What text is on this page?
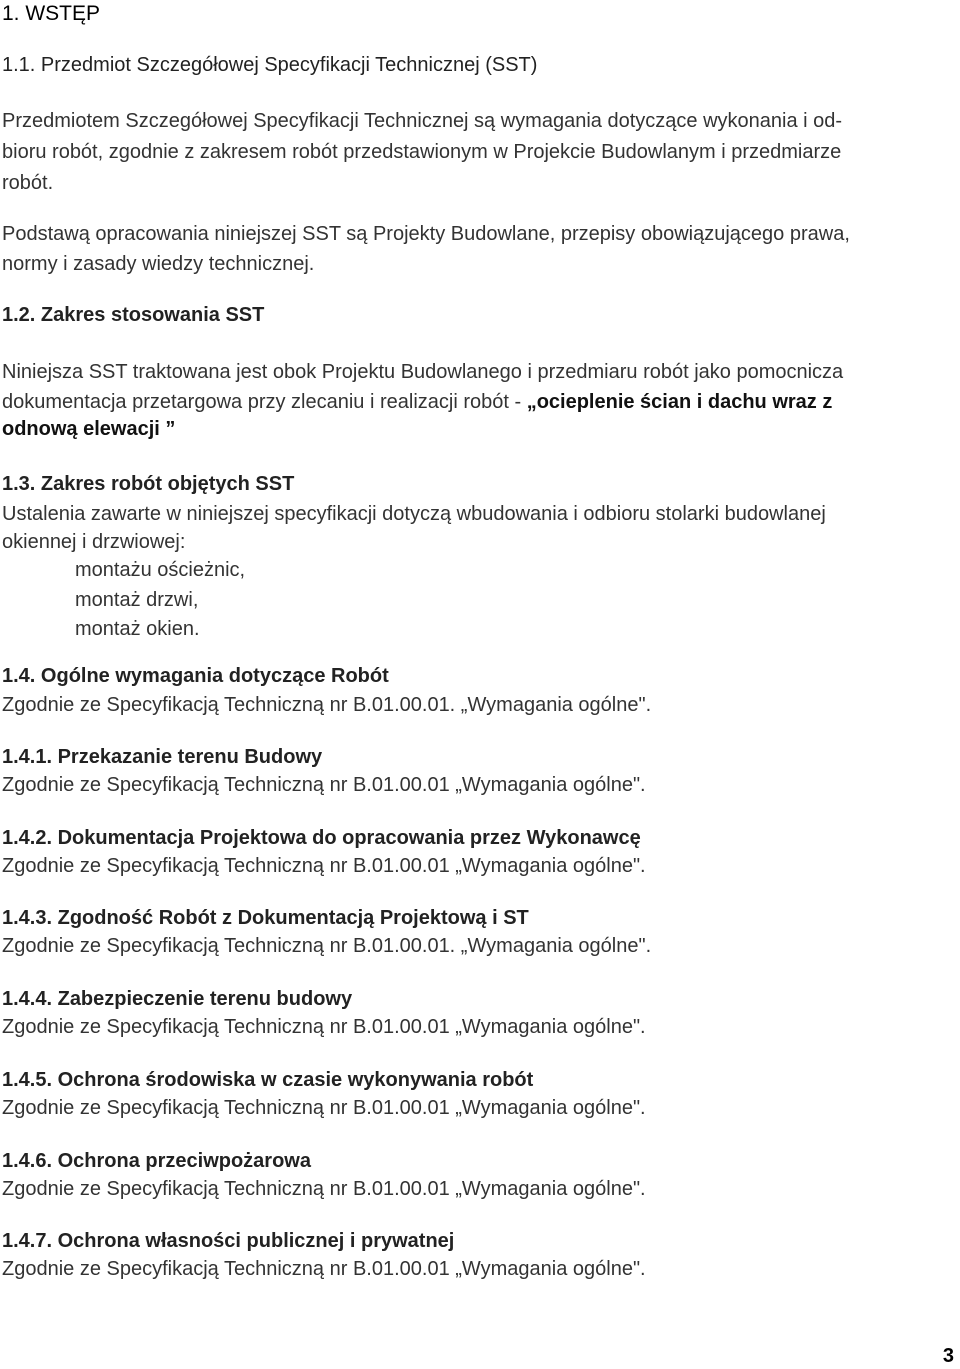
1. WSTĘP
1.1. Przedmiot Szczegółowej Specyfikacji Technicznej (SST)
Przedmiotem Szczegółowej Specyfikacji Technicznej są wymagania dotyczące wykonania i od-
bioru robót, zgodnie z zakresem robót przedstawionym w Projekcie Budowlanym i przedmiarze
robót.
Podstawą opracowania niniejszej SST są Projekty Budowlane, przepisy obowiązującego prawa,
normy i zasady wiedzy technicznej.
1.2. Zakres stosowania SST
Niniejsza SST traktowana jest obok Projektu Budowlanego i przedmiaru robót jako pomocnicza
dokumentacja przetargowa przy zlecaniu i realizacji robót - „ocieplenie ścian i dachu wraz z
odnową elewacji ”
1.3. Zakres robót objętych SST
Ustalenia zawarte w niniejszej specyfikacji dotyczą wbudowania i odbioru stolarki budowlanej
okiennej i drzwiowej:
montażu ościeżnic,
montaż drzwi,
montaż okien.
1.4. Ogólne wymagania dotyczące Robót
Zgodnie ze Specyfikacją Techniczną nr B.01.00.01. „Wymagania ogólne".
1.4.1. Przekazanie terenu Budowy
Zgodnie ze Specyfikacją Techniczną nr B.01.00.01 „Wymagania ogólne".
1.4.2. Dokumentacja Projektowa do opracowania przez Wykonawcę
Zgodnie ze Specyfikacją Techniczną nr B.01.00.01 „Wymagania ogólne".
1.4.3. Zgodność Robót z Dokumentacją Projektową i ST
Zgodnie ze Specyfikacją Techniczną nr B.01.00.01. „Wymagania ogólne".
1.4.4. Zabezpieczenie terenu budowy
Zgodnie ze Specyfikacją Techniczną nr B.01.00.01 „Wymagania ogólne".
1.4.5. Ochrona środowiska w czasie wykonywania robót
Zgodnie ze Specyfikacją Techniczną nr B.01.00.01 „Wymagania ogólne".
1.4.6. Ochrona przeciwpożarowa
Zgodnie ze Specyfikacją Techniczną nr B.01.00.01 „Wymagania ogólne".
1.4.7. Ochrona własności publicznej i prywatnej
Zgodnie ze Specyfikacją Techniczną nr B.01.00.01 „Wymagania ogólne".
3
